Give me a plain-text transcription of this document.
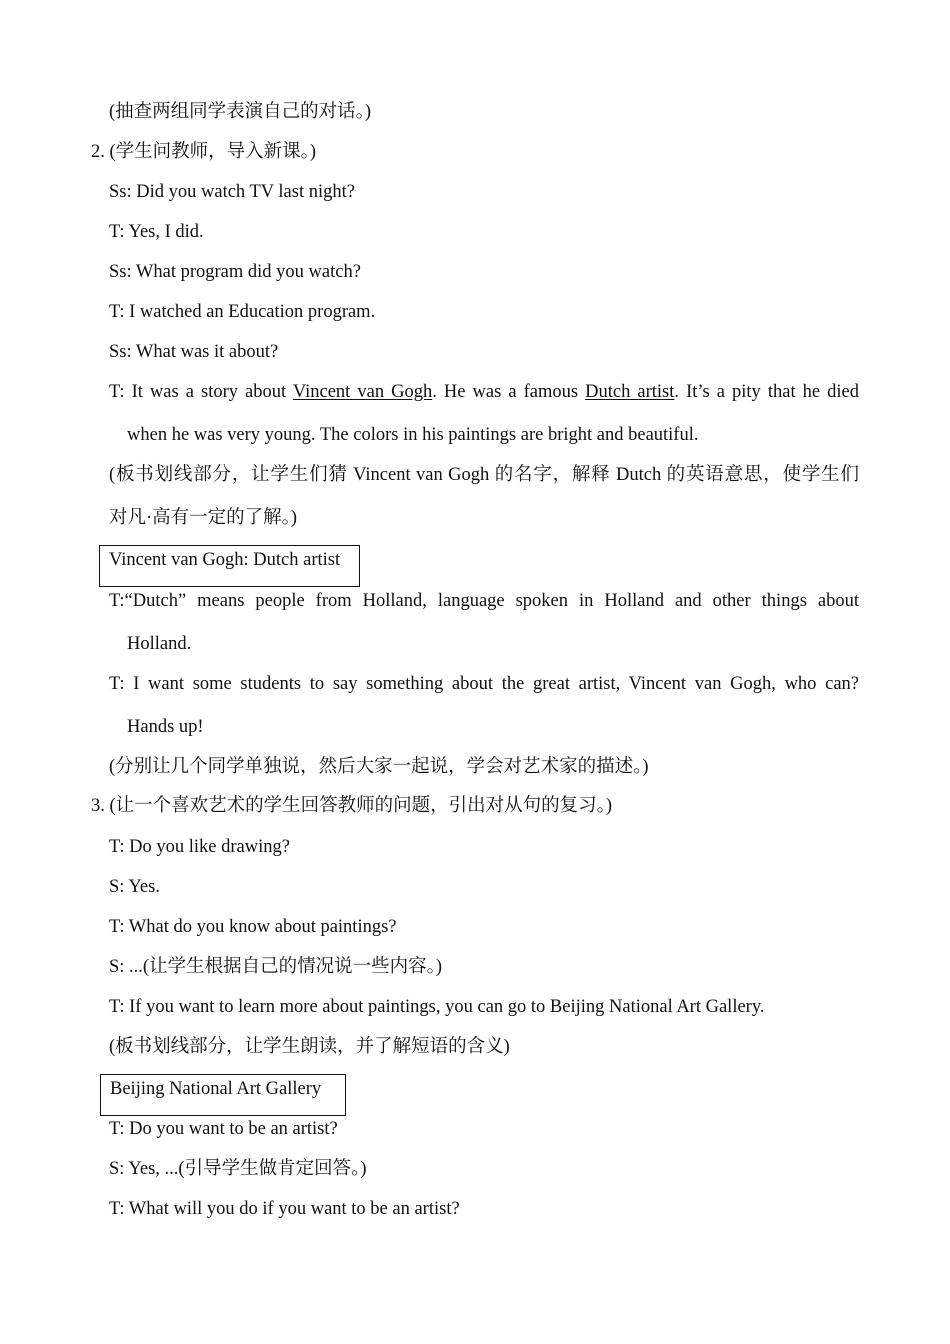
(抽查两组同学表演自己的对话。)
2. (学生问教师，导入新课。)
Ss: Did you watch TV last night?
T: Yes, I did.
Ss: What program did you watch?
T: I watched an Education program.
Ss: What was it about?
T: It was a story about Vincent van Gogh. He was a famous Dutch artist. It’s a pity that he died
when he was very young. The colors in his paintings are bright and beautiful.
(板书划线部分，让学生们猜 Vincent van Gogh 的名字，解释 Dutch 的英语意思，使学生们
对凡·高有一定的了解。)
Vincent van Gogh: Dutch artist
T:“Dutch” means people from Holland, language spoken in Holland and other things about
Holland.
T: I want some students to say something about the great artist, Vincent van Gogh, who can?
Hands up!
(分别让几个同学单独说，然后大家一起说，学会对艺术家的描述。)
3. (让一个喜欢艺术的学生回答教师的问题，引出对从句的复习。)
T: Do you like drawing?
S: Yes.
T: What do you know about paintings?
S: ...(让学生根据自己的情况说一些内容。)
T: If you want to learn more about paintings, you can go to Beijing National Art Gallery.
(板书划线部分，让学生朗读，并了解短语的含义)
Beijing National Art Gallery
T: Do you want to be an artist?
S: Yes, ...(引导学生做肯定回答。)
T: What will you do if you want to be an artist?
